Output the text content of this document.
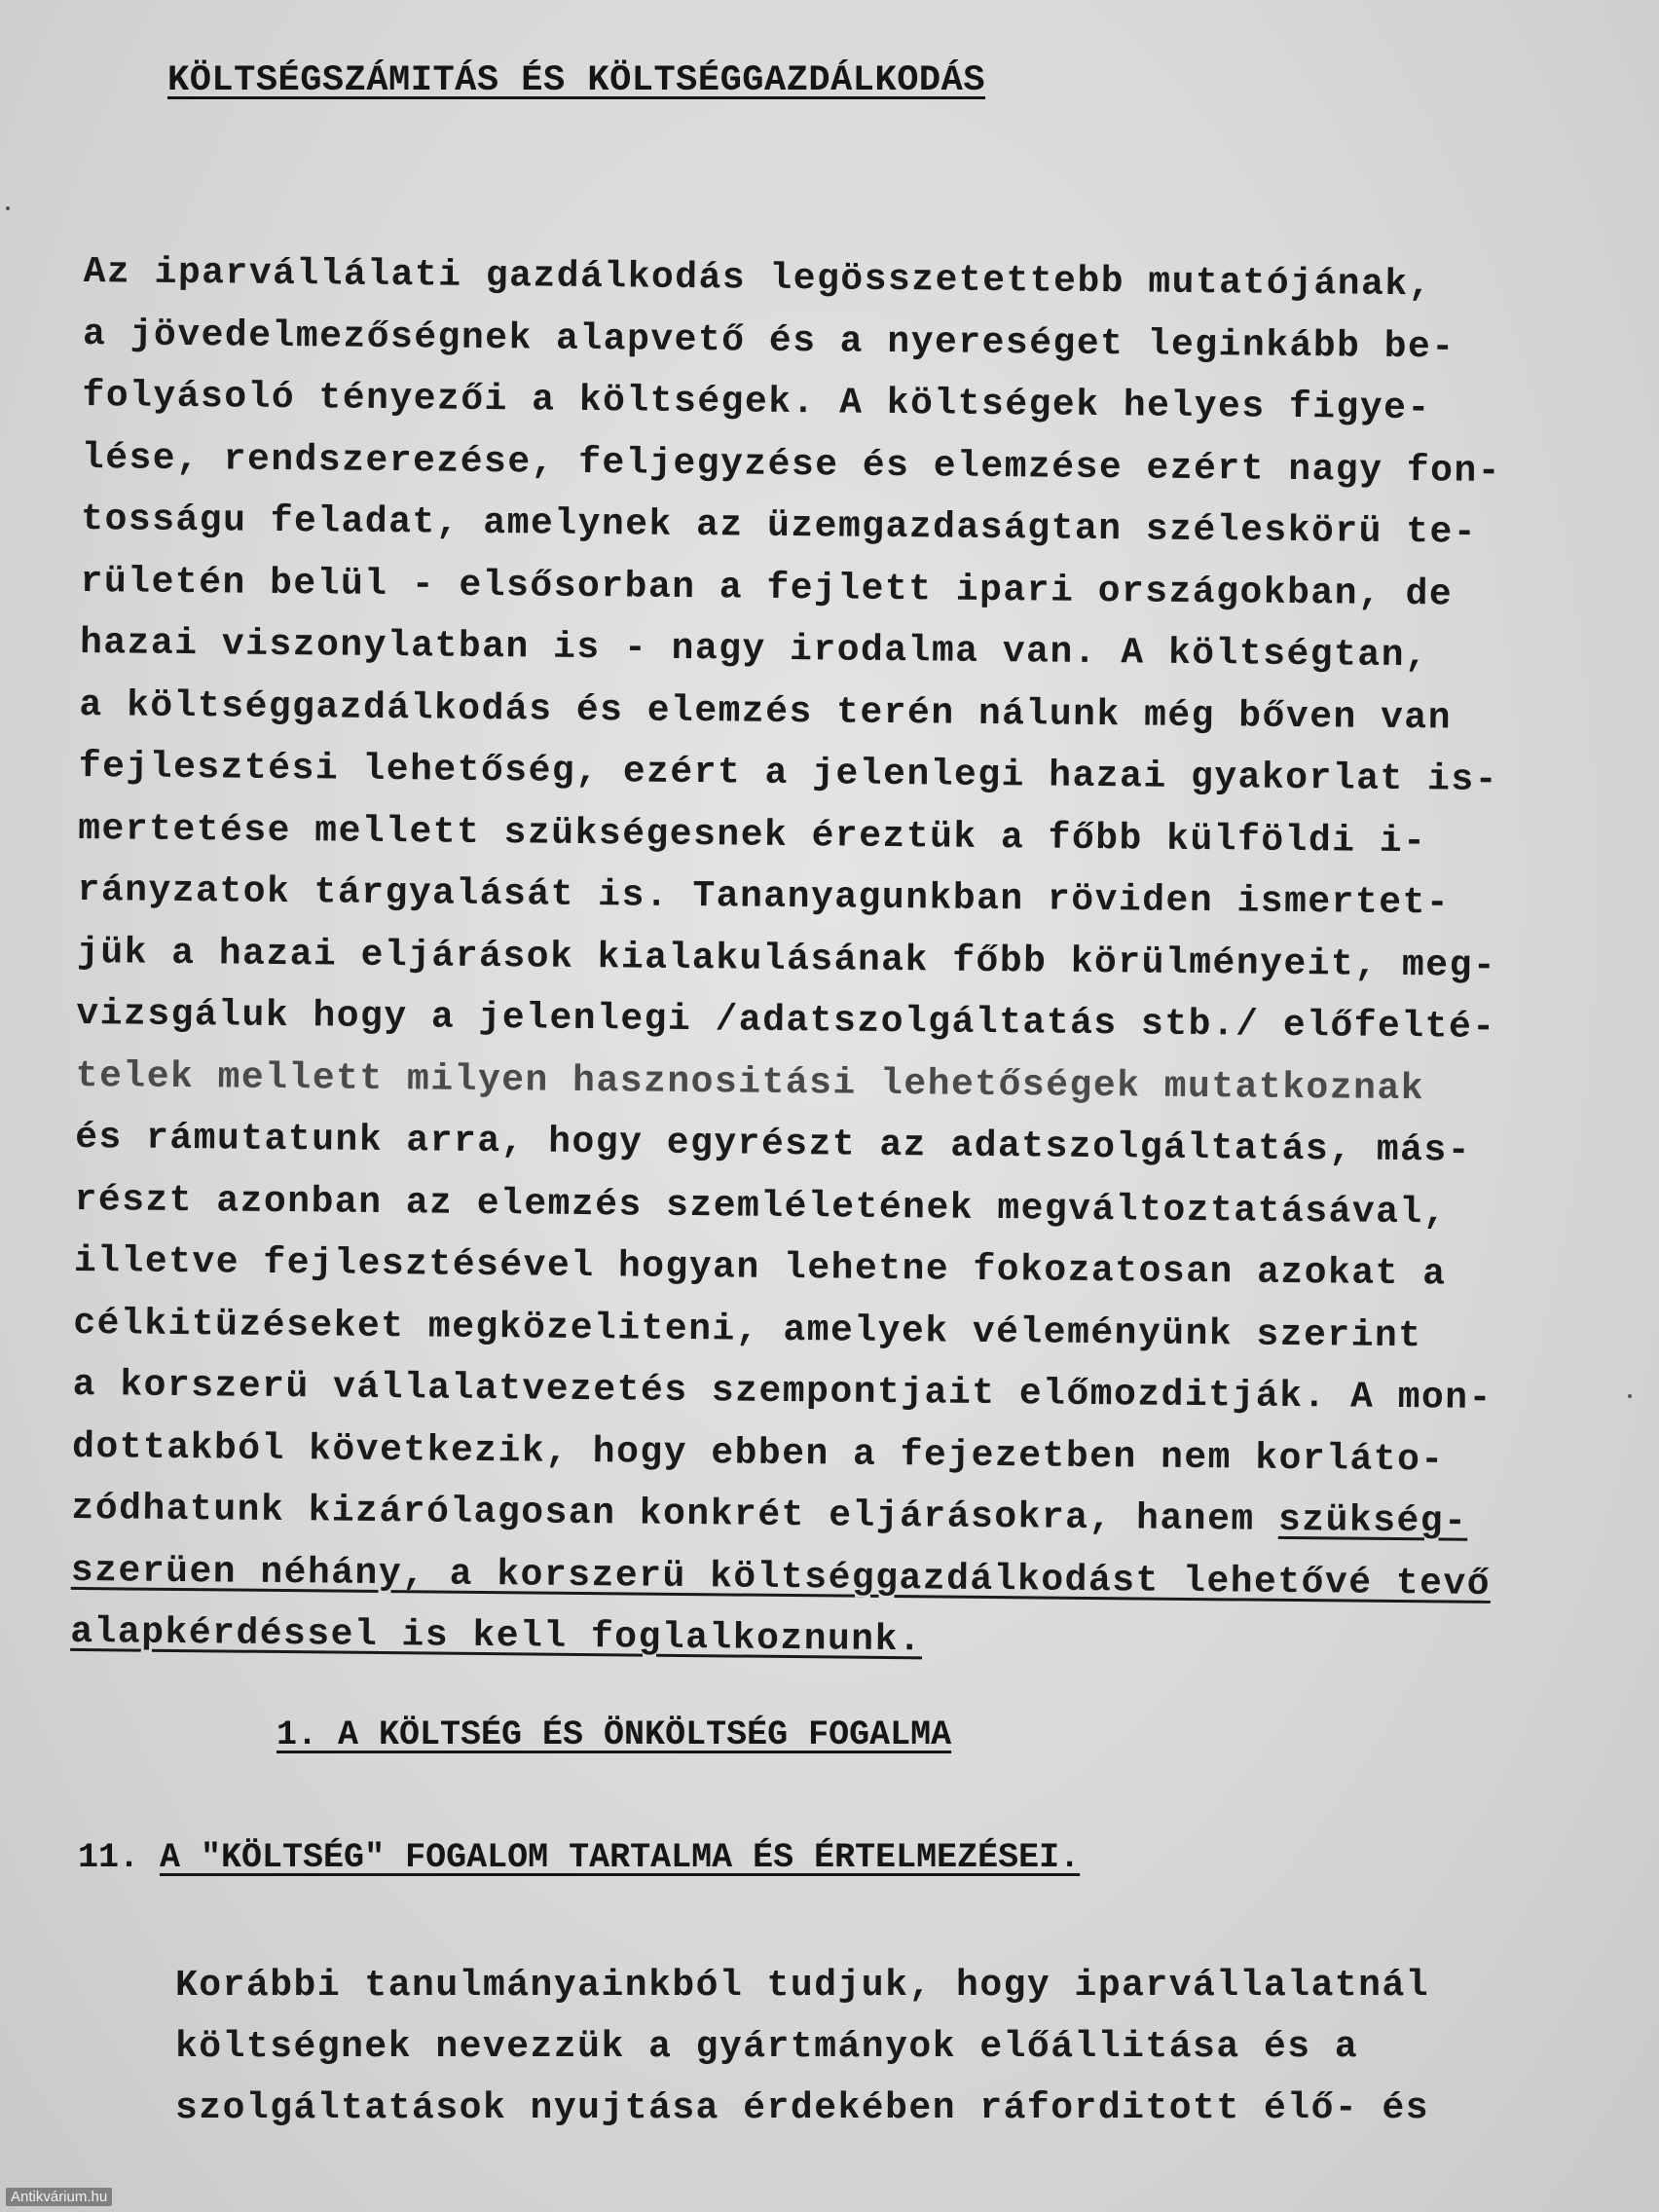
KÖLTSÉGSZÁMITÁS ÉS KÖLTSÉGGAZDÁLKODÁS
Az iparvállálati gazdálkodás legösszetettebb mutatójának,
a jövedelmezőségnek alapvető és a nyereséget leginkább be-
folyásoló tényezői a költségek. A költségek helyes figye-
lése, rendszerezése, feljegyzése és elemzése ezért nagy fon-
tosságu feladat, amelynek az üzemgazdaságtan széleskörü te-
rületén belül - elsősorban a fejlett ipari országokban, de
hazai viszonylatban is - nagy irodalma van. A költségtan,
a költséggazdálkodás és elemzés terén nálunk még bőven van
fejlesztési lehetőség, ezért a jelenlegi hazai gyakorlat is-
mertetése mellett szükségesnek éreztük a főbb külföldi i-
rányzatok tárgyalását is. Tananyagunkban röviden ismertet-
jük a hazai eljárások kialakulásának főbb körülményeit, meg-
vizsgáluk hogy a jelenlegi /adatszolgáltatás stb./ előfelté-
telek mellett milyen hasznositási lehetőségek mutatkoznak
és rámutatunk arra, hogy egyrészt az adatszolgáltatás, más-
részt azonban az elemzés szemléletének megváltoztatásával,
illetve fejlesztésével hogyan lehetne fokozatosan azokat a
célkitüzéseket megközeliteni, amelyek véleményünk szerint
a korszerü vállalatvezetés szempontjait előmozditják. A mon-
dottakból következik, hogy ebben a fejezetben nem korláto-
zódhatunk kizárólagosan konkrét eljárásokra, hanem szükség-
szerüen néhány, a korszerü költséggazdálkodást lehetővé tevő
alapkérdéssel is kell foglalkoznunk.
1. A KÖLTSÉG ÉS ÖNKÖLTSÉG FOGALMA
11. A "KÖLTSÉG" FOGALOM TARTALMA ÉS ÉRTELMEZÉSEI.
Korábbi tanulmányainkból tudjuk, hogy iparvállalatnál
költségnek nevezzük a gyártmányok előállitása és a
szolgáltatások nyujtása érdekében ráforditott élő- és
Antikvárium.hu
